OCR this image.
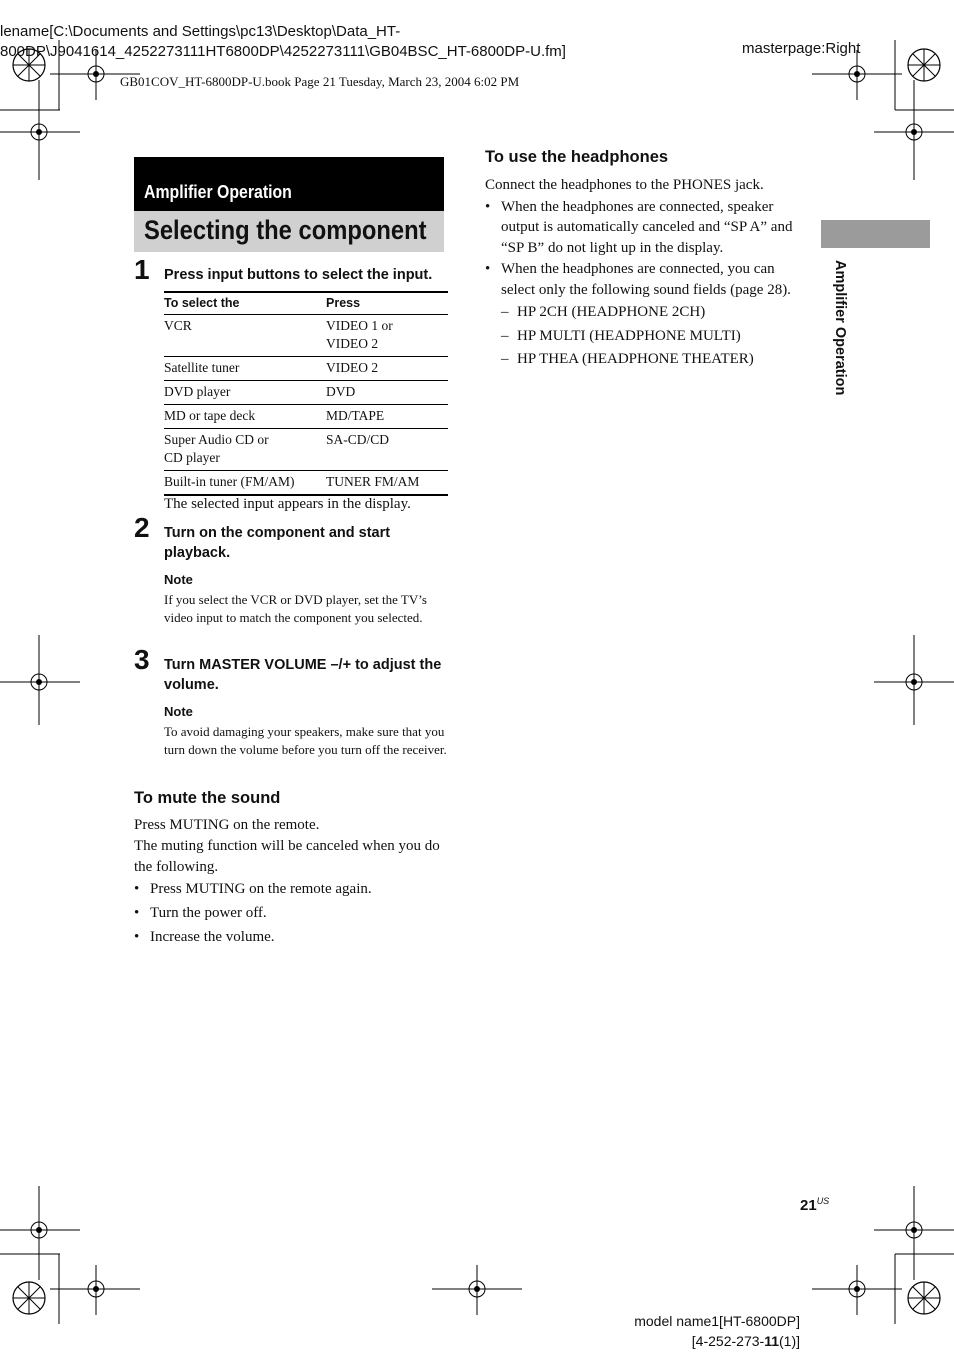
lename[C:\Documents and Settings\pc13\Desktop\Data_HT-
800DP\J9041614_4252273111HT6800DP\4252273111\GB04BSC_HT-6800DP-U.fm]	masterpage:Right
GB01COV_HT-6800DP-U.book Page 21 Tuesday, March 23, 2004 6:02 PM
Amplifier Operation
Selecting the component
1 Press input buttons to select the input.
To select the	Press
VCR	VIDEO 1 or
VIDEO 2
Satellite tuner	VIDEO 2
DVD player	DVD
MD or tape deck	MD/TAPE
Super Audio CD or
CD player	SA-CD/CD
Built-in tuner (FM/AM)	TUNER FM/AM
The selected input appears in the display.
2 Turn on the component and start playback.
Note
If you select the VCR or DVD player, set the TV’s video input to match the component you selected.
3 Turn MASTER VOLUME –/+ to adjust the volume.
Note
To avoid damaging your speakers, make sure that you turn down the volume before you turn off the receiver.
To mute the sound
Press MUTING on the remote.
The muting function will be canceled when you do the following.
• Press MUTING on the remote again.
• Turn the power off.
• Increase the volume.
To use the headphones
Connect the headphones to the PHONES jack.
• When the headphones are connected, speaker output is automatically canceled and “SP A” and “SP B” do not light up in the display.
• When the headphones are connected, you can select only the following sound fields (page 28).
– HP 2CH (HEADPHONE 2CH)
– HP MULTI (HEADPHONE MULTI)
– HP THEA (HEADPHONE THEATER)	Amplifier Operation
$21^{US}$
model name1[HT-6800DP]
[4-252-273-11(1)]
